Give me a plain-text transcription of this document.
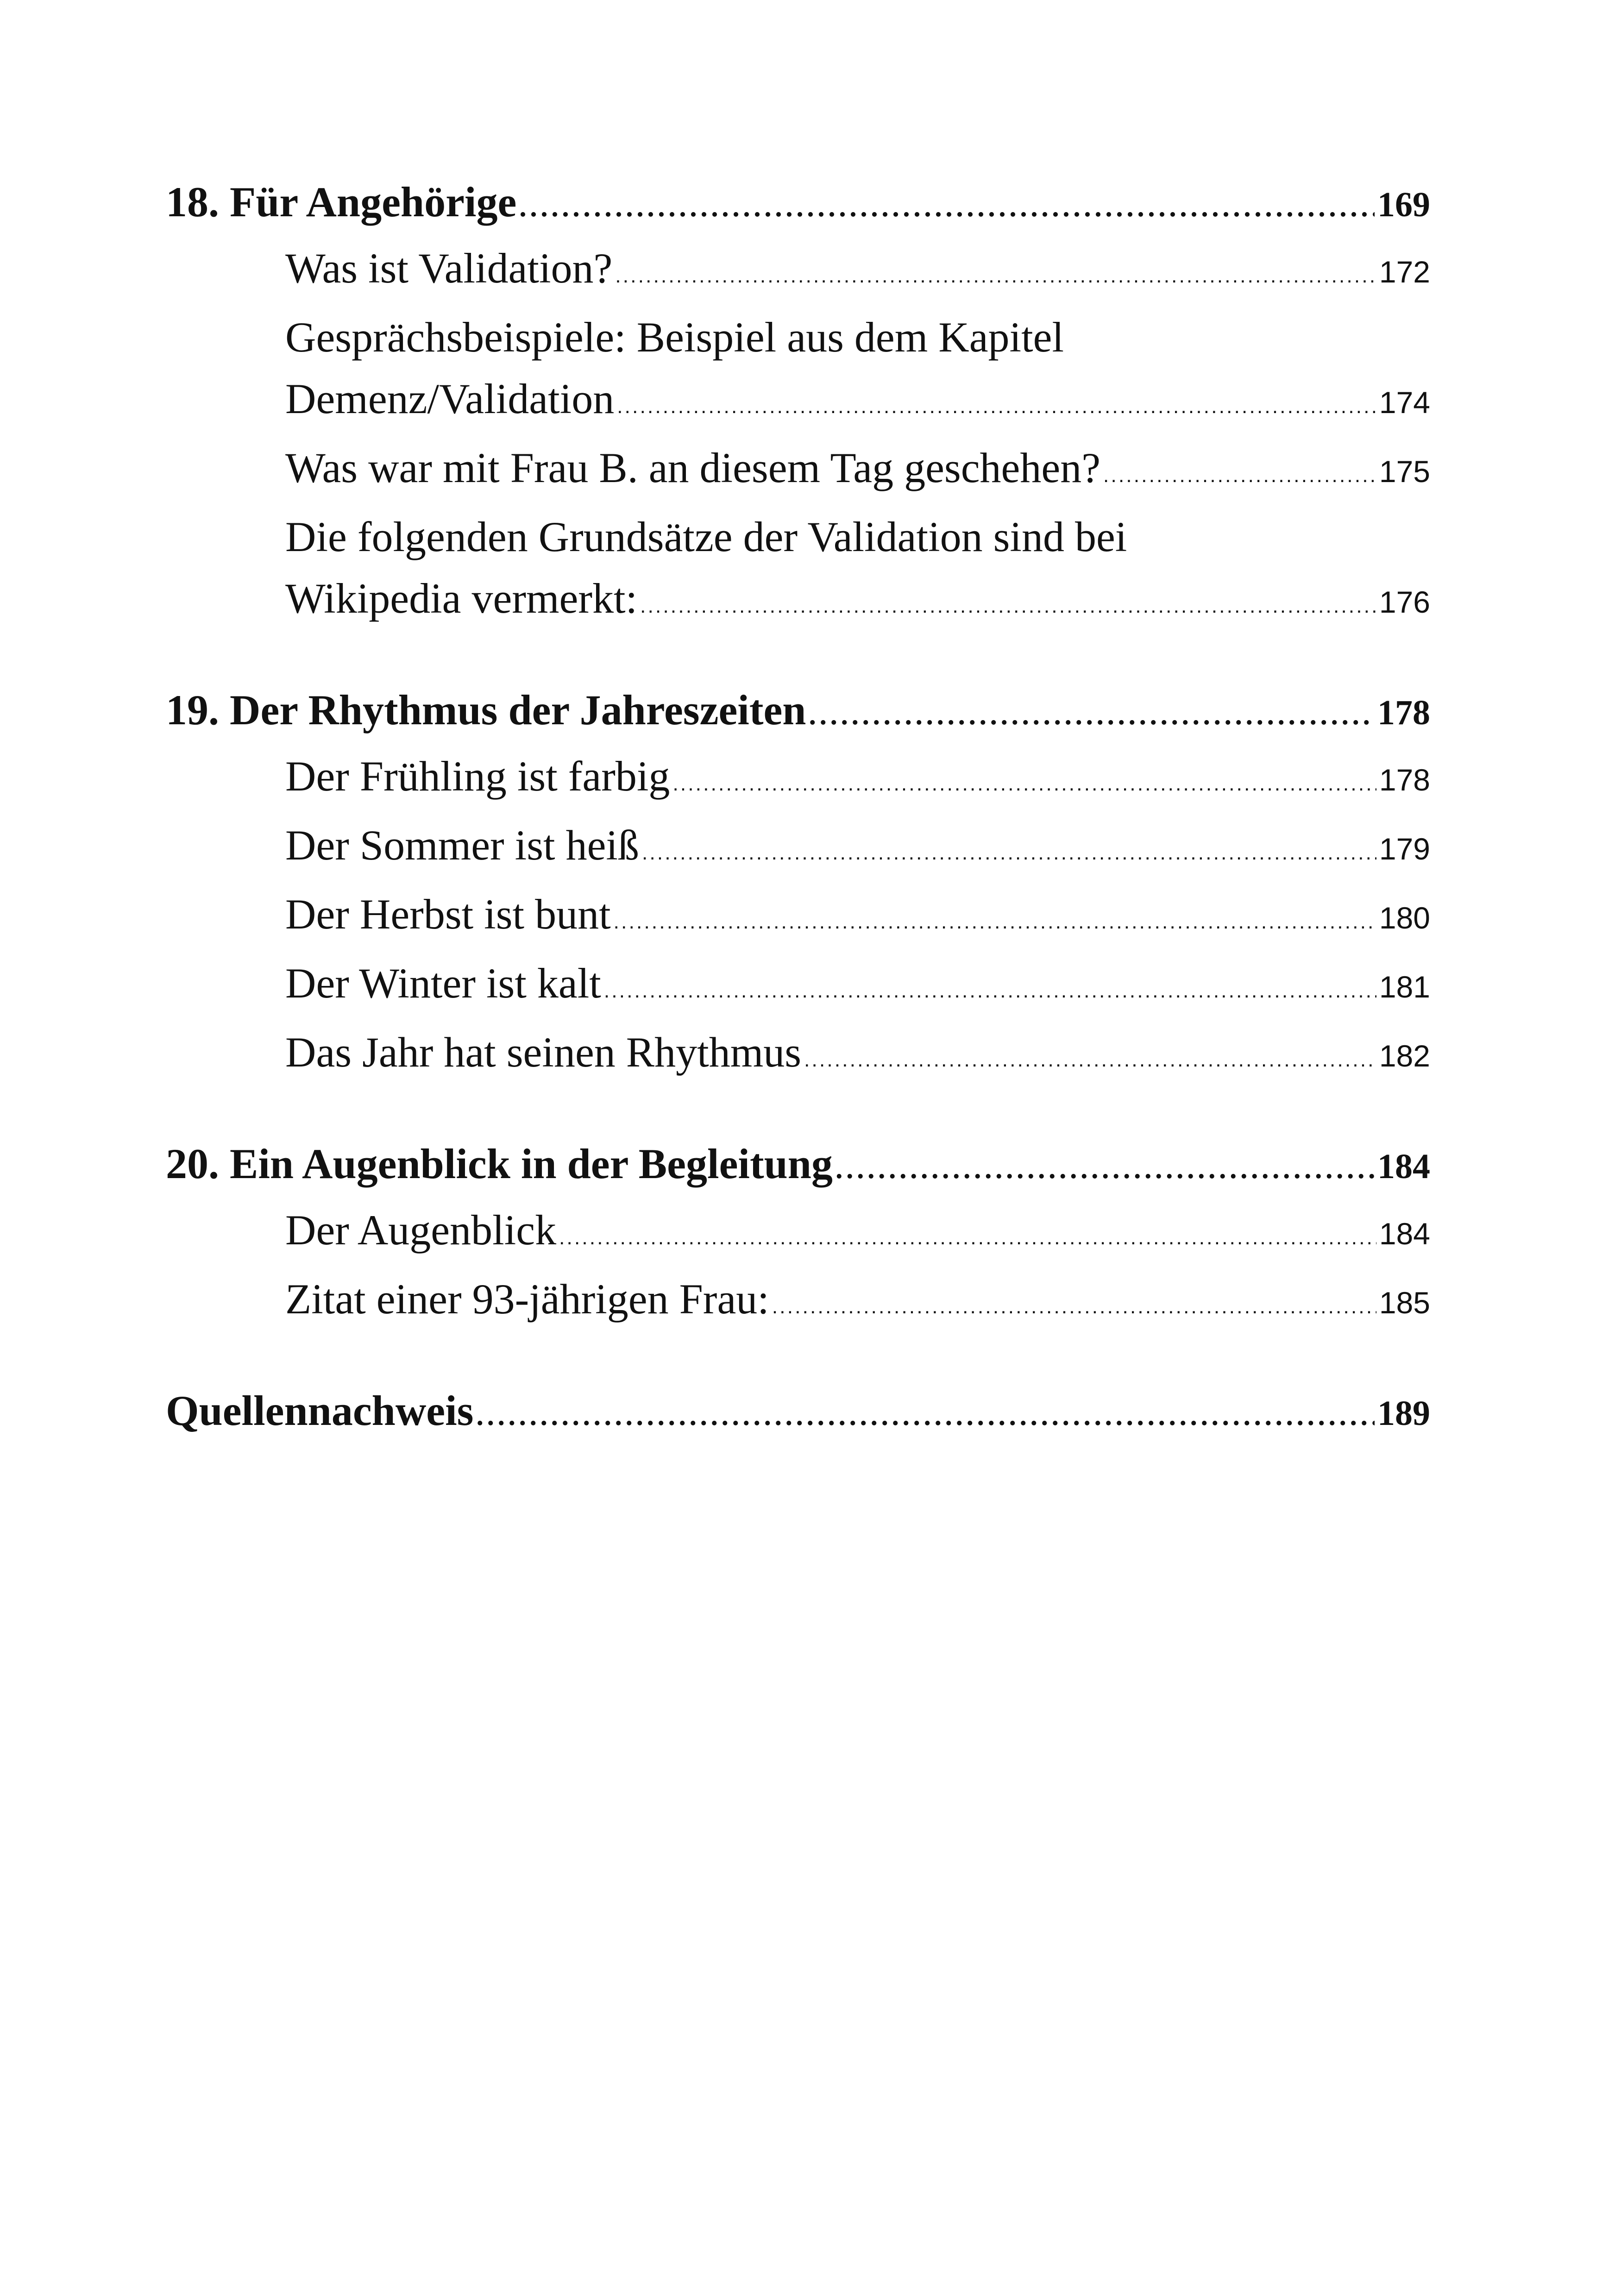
18. Für Angehörige . . .	169
Was ist Validation? . . .	172
Gesprächsbeispiele: Beispiel aus dem Kapitel
Demenz/Validation . . .	174
Was war mit Frau B. an diesem Tag geschehen? . . .	175
Die folgenden Grundsätze der Validation sind bei
Wikipedia vermerkt: . . .	176
19. Der Rhythmus der Jahreszeiten . . .	178
Der Frühling ist farbig . . .	178
Der Sommer ist heiß . . .	179
Der Herbst ist bunt . . .	180
Der Winter ist kalt . . .	181
Das Jahr hat seinen Rhythmus . . .	182
20. Ein Augenblick in der Begleitung . . .	184
Der Augenblick . . .	184
Zitat einer 93-jährigen Frau: . . .	185
Quellennachweis . . .	189
